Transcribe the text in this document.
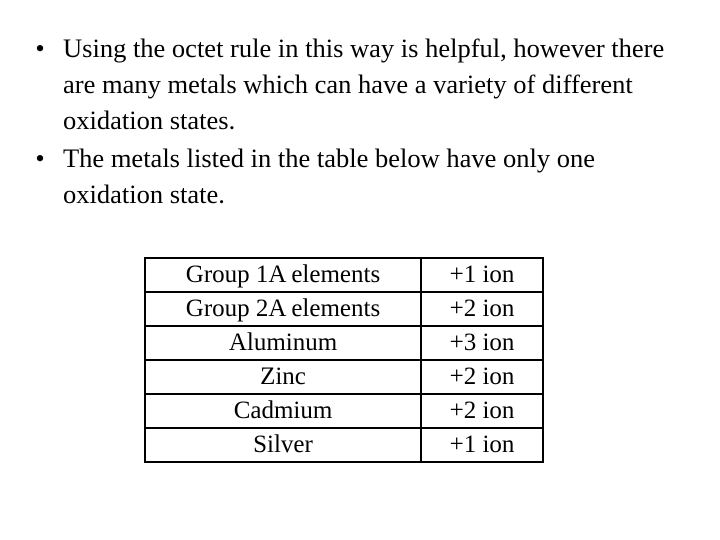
• Using the octet rule in this way is helpful, however there are many metals which can have a variety of different oxidation states.
• The metals listed in the table below have only one oxidation state.
Group 1A elements	+1 ion
Group 2A elements	+2 ion
Aluminum	+3 ion
Zinc	+2 ion
Cadmium	+2 ion
Silver	+1 ion
